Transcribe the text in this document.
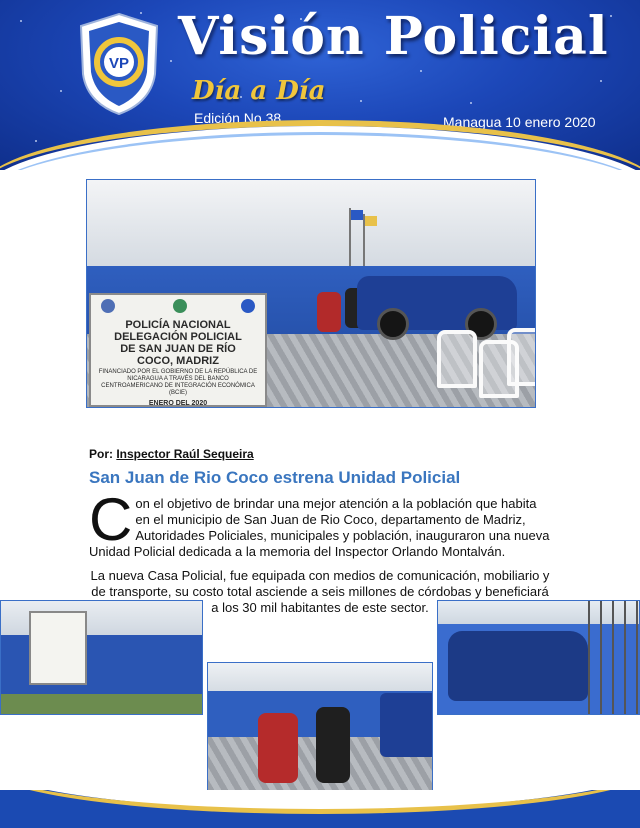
VP Visión Policial
Día a Día
Edición No 38	Managua 10 enero 2020
POLICÍA NACIONAL
DELEGACIÓN POLICIAL
DE SAN JUAN DE RÍO
COCO, MADRIZ
FINANCIADO POR EL GOBIERNO DE LA REPÚBLICA DE NICARAGUA A TRAVÉS DEL BANCO CENTROAMERICANO DE INTEGRACIÓN ECONÓMICA (BCIE)
ENERO DEL 2020
Por: Inspector Raúl Sequeira
San Juan de Rio Coco estrena Unidad Policial

Con el objetivo de brindar una mejor atención a la población que habita en el municipio de San Juan de Rio Coco, departamento de Madriz, Autoridades Policiales, municipales y población, inauguraron una nueva Unidad Policial dedicada a la memoria del Inspector Orlando Montalván.

La nueva Casa Policial, fue equipada con medios de comunicación, mobiliario y de transporte, su costo total asciende a seis millones de córdobas y beneficiará a los 30 mil habitantes de este sector.
